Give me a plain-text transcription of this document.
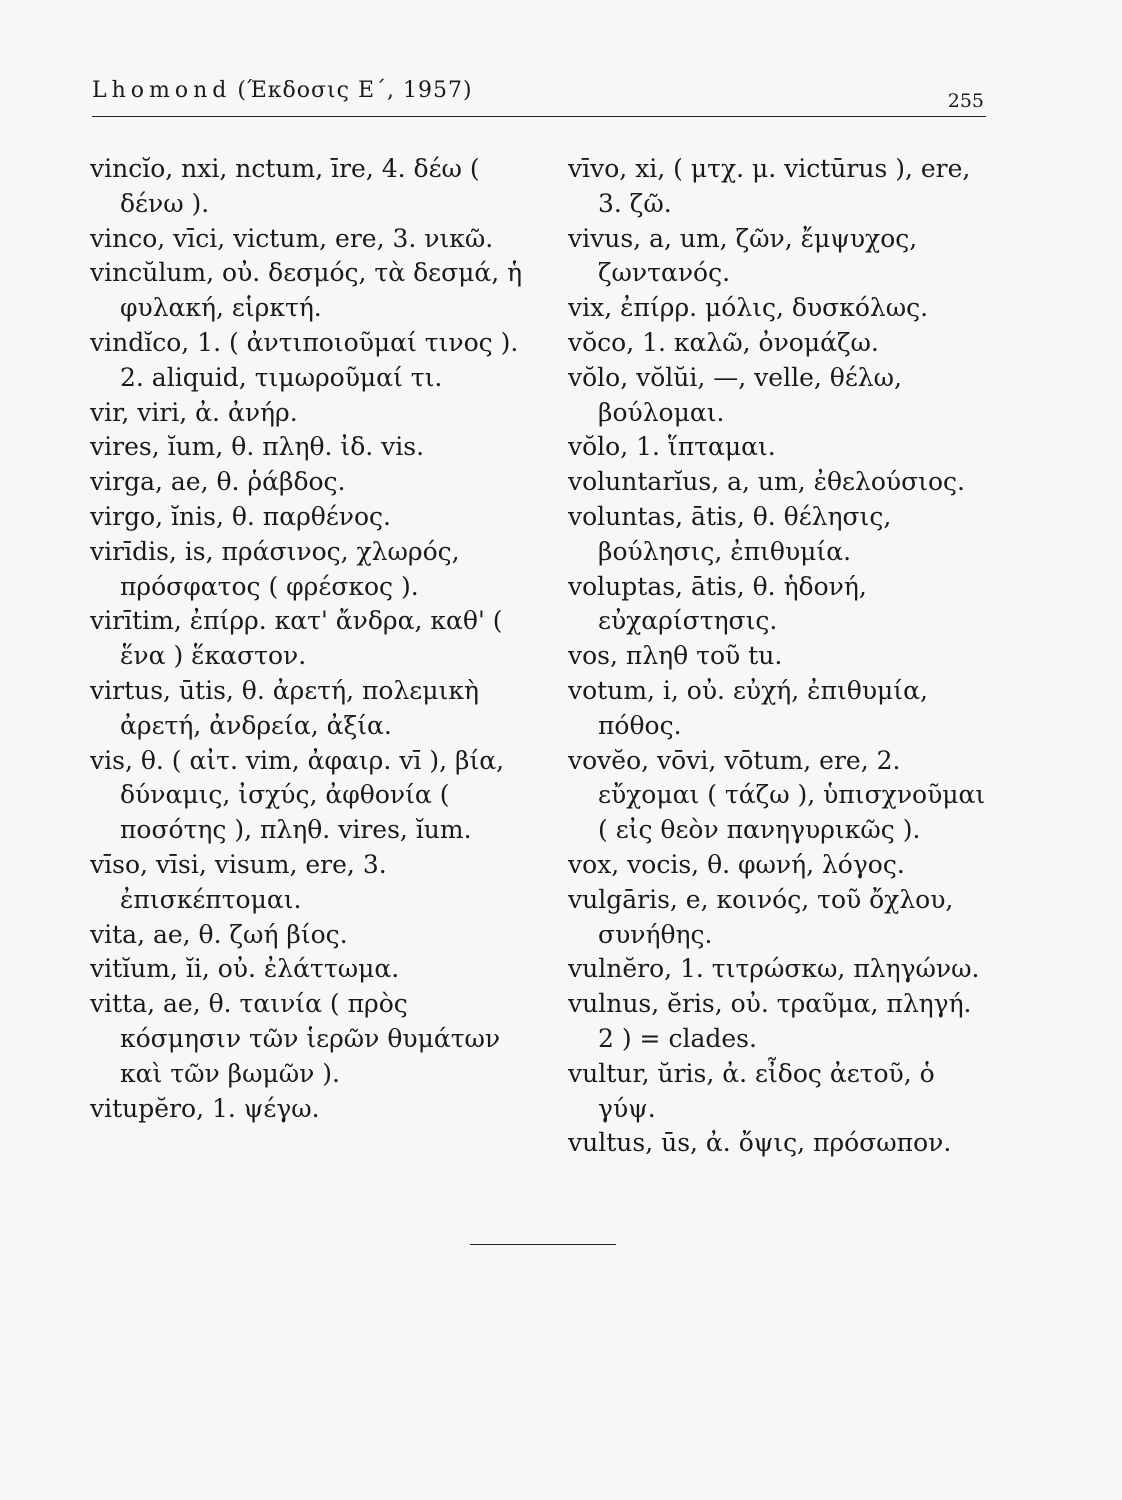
Lhomond (Έκδοσις Ε΄, 1957)	255

vincĭo, nxi, nctum, īre, 4. δέω ( δένω ).

vinco, vīci, victum, ere, 3. νικῶ.

vincŭlum, οὐ. δεσμός, τὰ δεσμά, ἡ φυλακή, εἱρκτή.

vindĭco, 1. ( ἀντιποιοῦμαί τινος ). 2. aliquid, τιμωροῦμαί τι.

vir, viri, ἀ. ἀνήρ.

vires, ĭum, θ. πληθ. ἰδ. vis.

virga, ae, θ. ῥάβδος.

virgo, ĭnis, θ. παρθένος.

virīdis, is, πράσινος, χλωρός, πρόσφατος ( φρέσκος ).

virītim, ἐπίρρ. κατ' ἄνδρα, καθ' ( ἕνα ) ἕκαστον.

virtus, ūtis, θ. ἀρετή, πολεμικὴ ἀρετή, ἀνδρεία, ἀξία.

vis, θ. ( αἰτ. vim, ἀφαιρ. vī ), βία, δύναμις, ἰσχύς, ἀφθονία ( ποσότης ), πληθ. vires, ĭum.

vīso, vīsi, visum, ere, 3. ἐπισκέπτομαι.

vita, ae, θ. ζωή βίος.

vitĭum, ĭi, οὐ. ἐλάττωμα.

vitta, ae, θ. ταινία ( πρὸς κόσμησιν τῶν ἱερῶν θυμάτων καὶ τῶν βωμῶν ).

vitupĕro, 1. ψέγω.

vīvo, xi, ( μτχ. μ. victūrus ), ere, 3. ζῶ.

vivus, a, um, ζῶν, ἔμψυχος, ζωντανός.

vix, ἐπίρρ. μόλις, δυσκόλως.

vŏco, 1. καλῶ, ὀνομάζω.

vŏlo, vŏlŭi, —, velle, θέλω, βούλομαι.

vŏlo, 1. ἵπταμαι.

voluntarĭus, a, um, ἐθελούσιος.

voluntas, ātis, θ. θέλησις, βούλησις, ἐπιθυμία.

voluptas, ātis, θ. ἡδονή, εὐχαρίστησις.

vos, πληθ τοῦ tu.

votum, i, οὐ. εὐχή, ἐπιθυμία, πόθος.

vovĕo, vōvi, vōtum, ere, 2. εὔχομαι ( τάζω ), ὑπισχνοῦμαι ( εἰς θεὸν πανηγυρικῶς ).

vox, vocis, θ. φωνή, λόγος.

vulgāris, e, κοινός, τοῦ ὄχλου, συνήθης.

vulnĕro, 1. τιτρώσκω, πληγώνω.

vulnus, ĕris, οὐ. τραῦμα, πληγή. 2 ) = clades.

vultur, ŭris, ἀ. εἶδος ἀετοῦ, ὁ γύψ.

vultus, ūs, ἀ. ὄψις, πρόσωπον.
